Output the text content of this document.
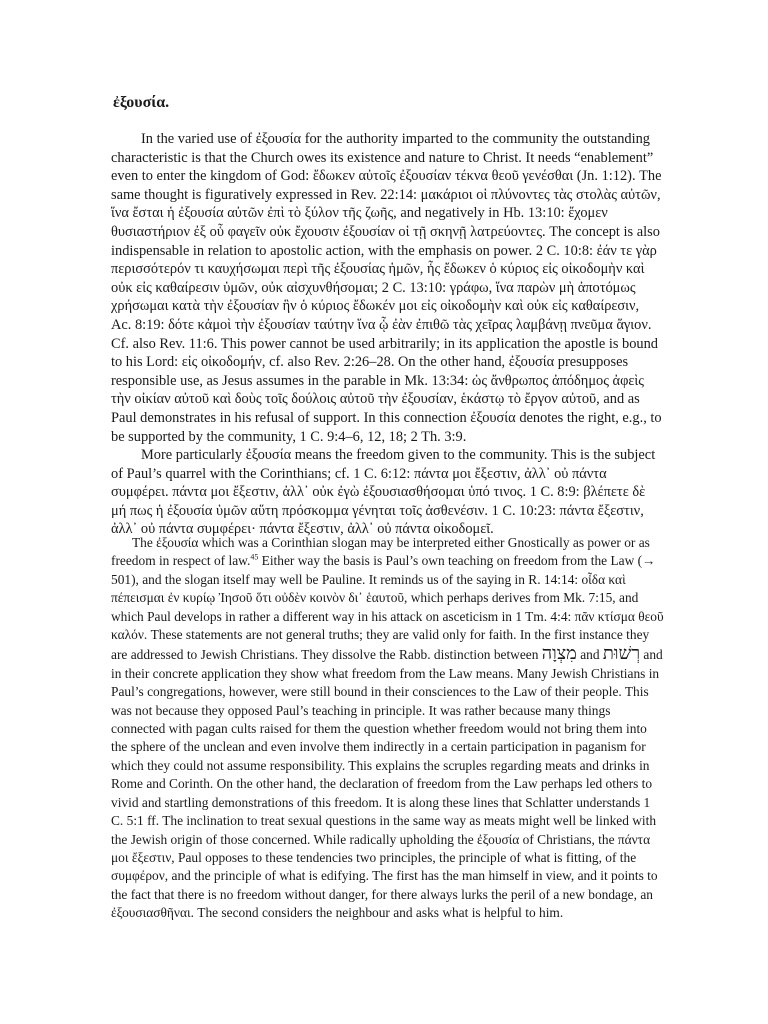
ἐξουσία.

In the varied use of ἐξουσία for the authority imparted to the community the outstanding characteristic is that the Church owes its existence and nature to Christ. It needs “enablement” even to enter the kingdom of God: ἔδωκεν αὐτοῖς ἐξουσίαν τέκνα θεοῦ γενέσθαι (Jn. 1:12). The same thought is figuratively expressed in Rev. 22:14: μακάριοι οἱ πλύνοντες τὰς στολὰς αὐτῶν, ἵνα ἔσται ἡ ἐξουσία αὐτῶν ἐπὶ τὸ ξύλον τῆς ζωῆς, and negatively in Hb. 13:10: ἔχομεν θυσιαστήριον ἐξ οὗ φαγεῖν οὐκ ἔχουσιν ἐξουσίαν οἱ τῇ σκηνῇ λατρεύοντες. The concept is also indispensable in relation to apostolic action, with the emphasis on power. 2 C. 10:8: ἐάν τε γὰρ περισσότερόν τι καυχήσωμαι περὶ τῆς ἐξουσίας ἡμῶν, ἧς ἔδωκεν ὁ κύριος εἰς οἰκοδομὴν καὶ οὐκ εἰς καθαίρεσιν ὑμῶν, οὐκ αἰσχυνθήσομαι; 2 C. 13:10: γράφω, ἵνα παρὼν μὴ ἀποτόμως χρήσωμαι κατὰ τὴν ἐξουσίαν ἣν ὁ κύριος ἔδωκέν μοι εἰς οἰκοδομὴν καὶ οὐκ εἰς καθαίρεσιν, Ac. 8:19: δότε κἀμοὶ τὴν ἐξουσίαν ταύτην ἵνα ᾧ ἐὰν ἐπιθῶ τὰς χεῖρας λαμβάνῃ πνεῦμα ἅγιον. Cf. also Rev. 11:6. This power cannot be used arbitrarily; in its application the apostle is bound to his Lord: εἰς οἰκοδομήν, cf. also Rev. 2:26–28. On the other hand, ἐξουσία presupposes responsible use, as Jesus assumes in the parable in Mk. 13:34: ὡς ἄνθρωπος ἀπόδημος ἀφεὶς τὴν οἰκίαν αὐτοῦ καὶ δοὺς τοῖς δούλοις αὐτοῦ τὴν ἐξουσίαν, ἑκάστῳ τὸ ἔργον αὐτοῦ, and as Paul demonstrates in his refusal of support. In this connection ἐξουσία denotes the right, e.g., to be supported by the community, 1 C. 9:4–6, 12, 18; 2 Th. 3:9.

More particularly ἐξουσία means the freedom given to the community. This is the subject of Paul’s quarrel with the Corinthians; cf. 1 C. 6:12: πάντα μοι ἔξεστιν, ἀλλ᾽ οὐ πάντα συμφέρει. πάντα μοι ἔξεστιν, ἀλλ᾽ οὐκ ἐγὼ ἐξουσιασθήσομαι ὑπό τινος. 1 C. 8:9: βλέπετε δὲ μή πως ἡ ἐξουσία ὑμῶν αὕτη πρόσκομμα γένηται τοῖς ἀσθενέσιν. 1 C. 10:23: πάντα ἔξεστιν, ἀλλ᾽ οὐ πάντα συμφέρει· πάντα ἔξεστιν, ἀλλ᾽ οὐ πάντα οἰκοδομεῖ.

The ἐξουσία which was a Corinthian slogan may be interpreted either Gnostically as power or as freedom in respect of law.$^{45}$ Either way the basis is Paul’s own teaching on freedom from the Law (→ 501), and the slogan itself may well be Pauline. It reminds us of the saying in R. 14:14: οἶδα καὶ πέπεισμαι ἐν κυρίῳ Ἰησοῦ ὅτι οὐδὲν κοινὸν δι᾽ ἑαυτοῦ, which perhaps derives from Mk. 7:15, and which Paul develops in rather a different way in his attack on asceticism in 1 Tm. 4:4: πᾶν κτίσμα θεοῦ καλόν. These statements are not general truths; they are valid only for faith. In the first instance they are addressed to Jewish Christians. They dissolve the Rabb. distinction between מִצְוָה and רְשׁוּת and in their concrete application they show what freedom from the Law means. Many Jewish Christians in Paul’s congregations, however, were still bound in their consciences to the Law of their people. This was not because they opposed Paul’s teaching in principle. It was rather because many things connected with pagan cults raised for them the question whether freedom would not bring them into the sphere of the unclean and even involve them indirectly in a certain participation in paganism for which they could not assume responsibility. This explains the scruples regarding meats and drinks in Rome and Corinth. On the other hand, the declaration of freedom from the Law perhaps led others to vivid and startling demonstrations of this freedom. It is along these lines that Schlatter understands 1 C. 5:1 ff. The inclination to treat sexual questions in the same way as meats might well be linked with the Jewish origin of those concerned. While radically upholding the ἐξουσία of Christians, the πάντα μοι ἔξεστιν, Paul opposes to these tendencies two principles, the principle of what is fitting, of the συμφέρον, and the principle of what is edifying. The first has the man himself in view, and it points to the fact that there is no freedom without danger, for there always lurks the peril of a new bondage, an ἐξουσιασθῆναι. The second considers the neighbour and asks what is helpful to him.
